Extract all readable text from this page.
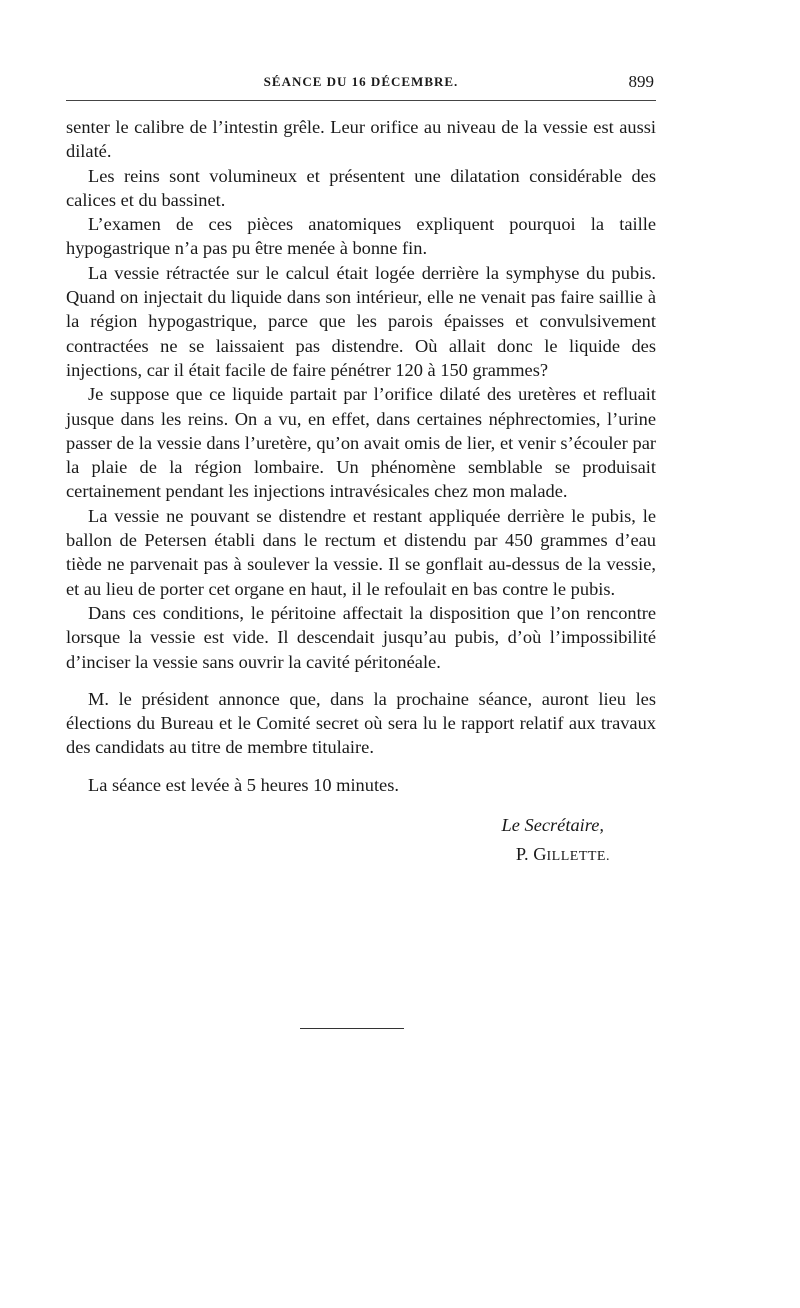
SÉANCE DU 16 DÉCEMBRE.	899

senter le calibre de l’intestin grêle. Leur orifice au niveau de la vessie est aussi dilaté.

Les reins sont volumineux et présentent une dilatation considérable des calices et du bassinet.

L’examen de ces pièces anatomiques expliquent pourquoi la taille hypogastrique n’a pas pu être menée à bonne fin.

La vessie rétractée sur le calcul était logée derrière la symphyse du pubis. Quand on injectait du liquide dans son intérieur, elle ne venait pas faire saillie à la région hypogastrique, parce que les parois épaisses et convulsivement contractées ne se laissaient pas distendre. Où allait donc le liquide des injections, car il était facile de faire pénétrer 120 à 150 grammes?

Je suppose que ce liquide partait par l’orifice dilaté des uretères et refluait jusque dans les reins. On a vu, en effet, dans certaines néphrectomies, l’urine passer de la vessie dans l’uretère, qu’on avait omis de lier, et venir s’écouler par la plaie de la région lombaire. Un phénomène semblable se produisait certainement pendant les injections intravésicales chez mon malade.

La vessie ne pouvant se distendre et restant appliquée derrière le pubis, le ballon de Petersen établi dans le rectum et distendu par 450 grammes d’eau tiède ne parvenait pas à soulever la vessie. Il se gonflait au-dessus de la vessie, et au lieu de porter cet organe en haut, il le refoulait en bas contre le pubis.

Dans ces conditions, le péritoine affectait la disposition que l’on rencontre lorsque la vessie est vide. Il descendait jusqu’au pubis, d’où l’impossibilité d’inciser la vessie sans ouvrir la cavité péritonéale.

M. le président annonce que, dans la prochaine séance, auront lieu les élections du Bureau et le Comité secret où sera lu le rapport relatif aux travaux des candidats au titre de membre titulaire.

La séance est levée à 5 heures 10 minutes.

Le Secrétaire,
P. GILLETTE.
